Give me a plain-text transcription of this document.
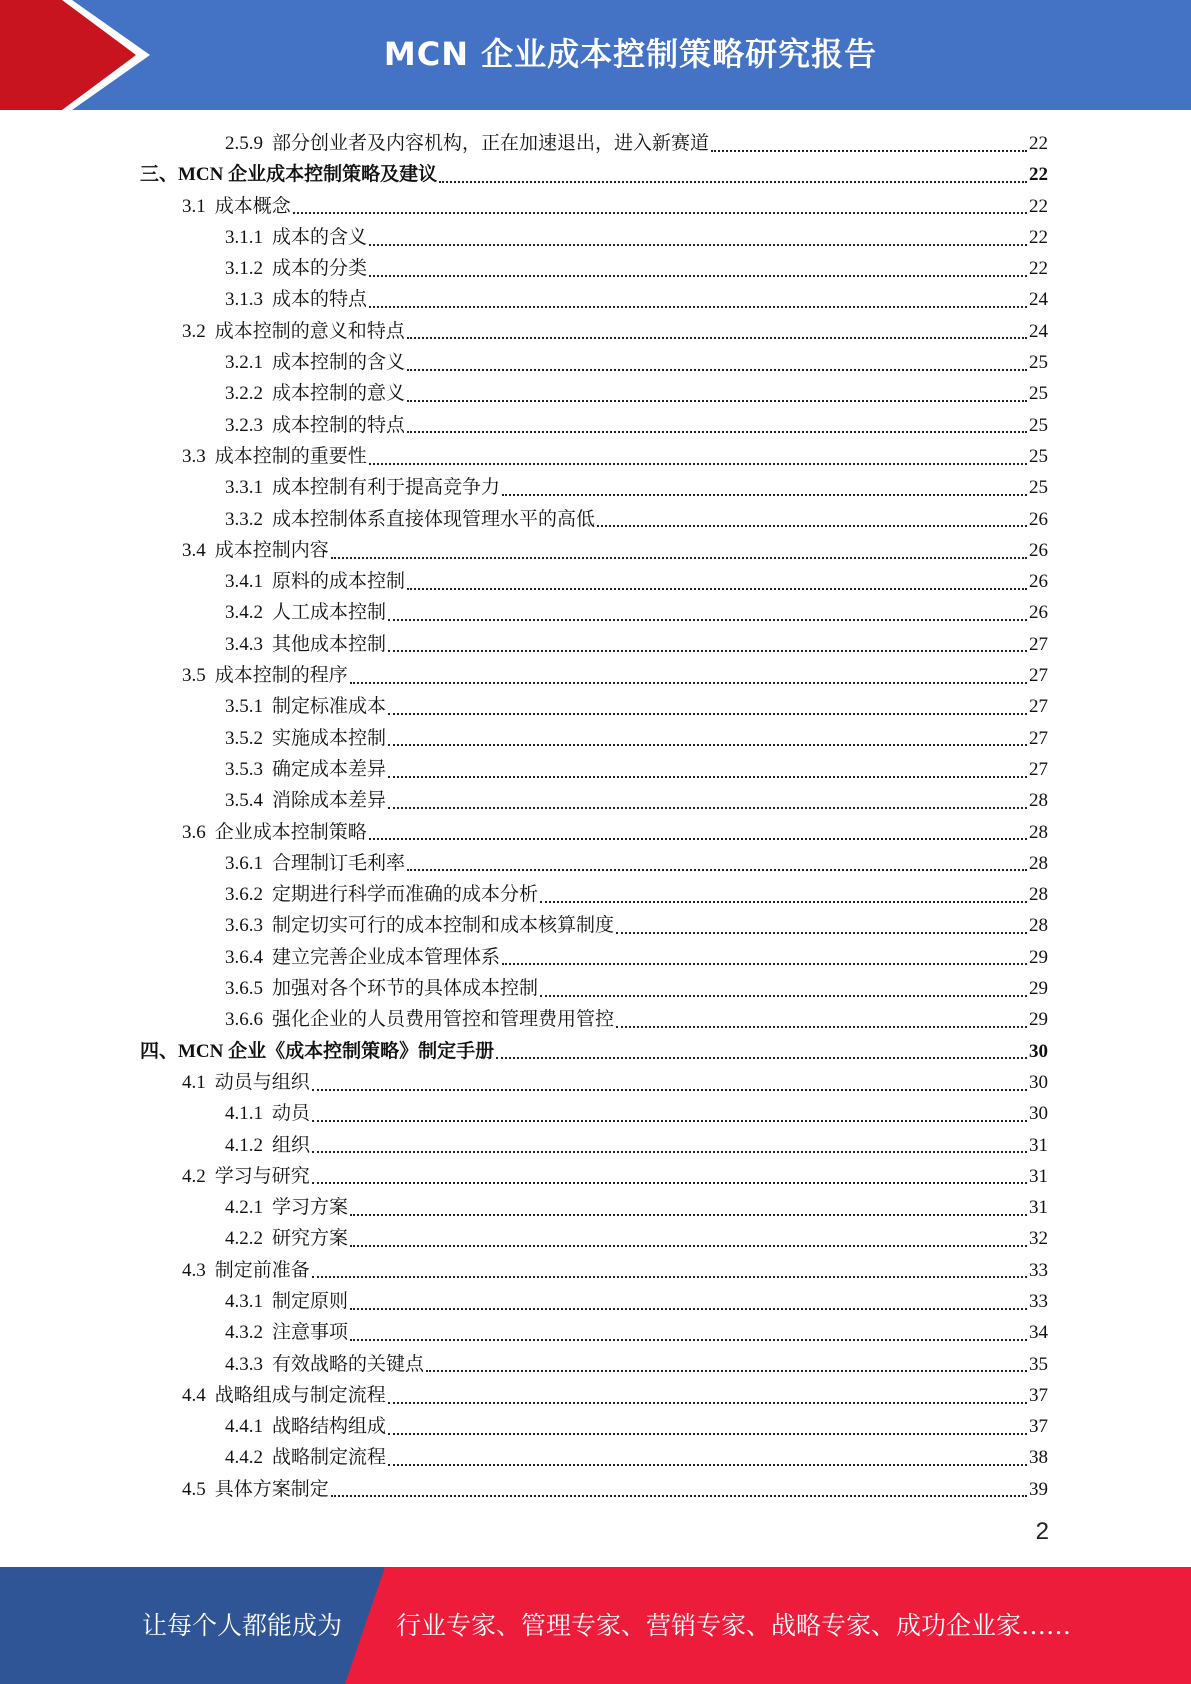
MCN 企业成本控制策略研究报告
2.5.9 部分创业者及内容机构，正在加速退出，进入新赛道	22
三、MCN 企业成本控制策略及建议	22
3.1 成本概念	22
3.1.1 成本的含义	22
3.1.2 成本的分类	22
3.1.3 成本的特点	24
3.2 成本控制的意义和特点	24
3.2.1 成本控制的含义	25
3.2.2 成本控制的意义	25
3.2.3 成本控制的特点	25
3.3 成本控制的重要性	25
3.3.1 成本控制有利于提高竞争力	25
3.3.2 成本控制体系直接体现管理水平的高低	26
3.4 成本控制内容	26
3.4.1 原料的成本控制	26
3.4.2 人工成本控制	26
3.4.3 其他成本控制	27
3.5 成本控制的程序	27
3.5.1 制定标准成本	27
3.5.2 实施成本控制	27
3.5.3 确定成本差异	27
3.5.4 消除成本差异	28
3.6 企业成本控制策略	28
3.6.1 合理制订毛利率	28
3.6.2 定期进行科学而准确的成本分析	28
3.6.3 制定切实可行的成本控制和成本核算制度	28
3.6.4 建立完善企业成本管理体系	29
3.6.5 加强对各个环节的具体成本控制	29
3.6.6 强化企业的人员费用管控和管理费用管控	29
四、MCN 企业《成本控制策略》制定手册	30
4.1 动员与组织	30
4.1.1 动员	30
4.1.2 组织	31
4.2 学习与研究	31
4.2.1 学习方案	31
4.2.2 研究方案	32
4.3 制定前准备	33
4.3.1 制定原则	33
4.3.2 注意事项	34
4.3.3 有效战略的关键点	35
4.4 战略组成与制定流程	37
4.4.1 战略结构组成	37
4.4.2 战略制定流程	38
4.5 具体方案制定	39
2
让每个人都能成为 行业专家、管理专家、营销专家、战略专家、成功企业家……
